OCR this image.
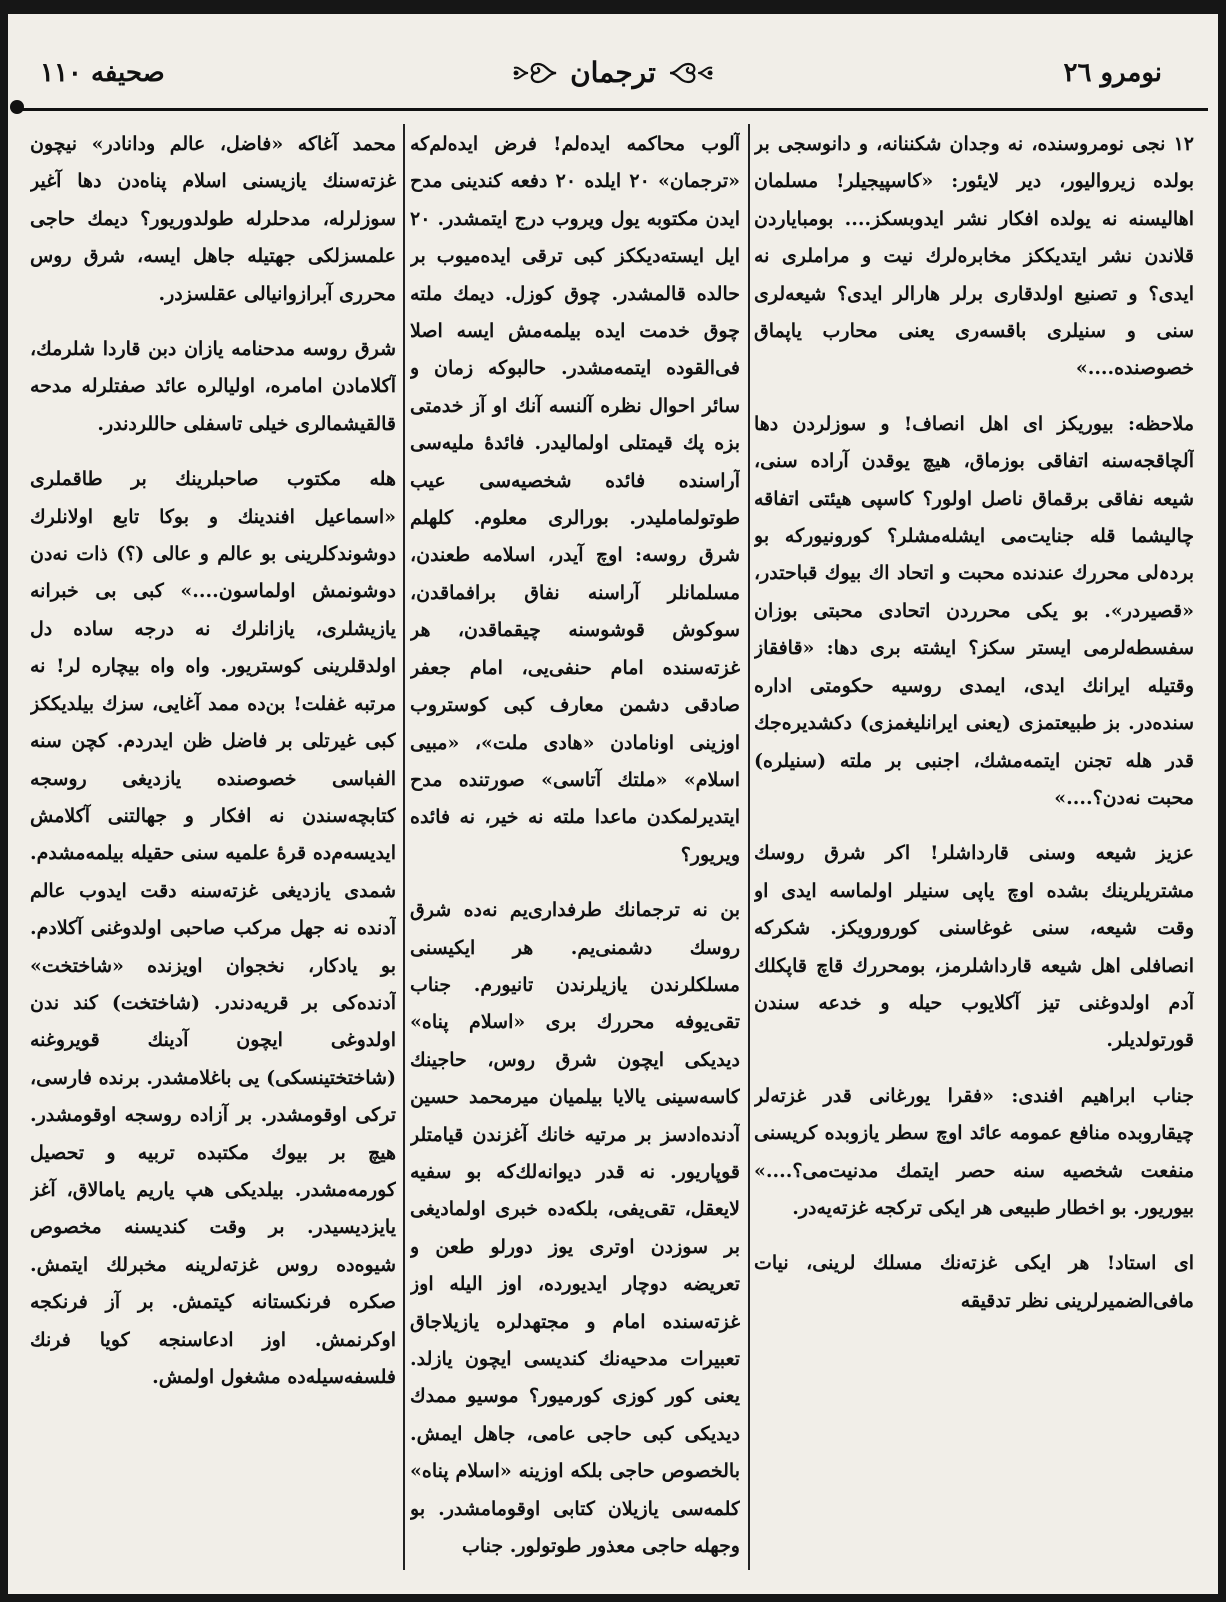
نومرو ٢٦
ترجمان
صحیفه ١١٠

١٢ نجی نومروسنده، نه وجدان شکننانه، و دانوسجی بر بولده زیروالیور، دیر لایئور: «کاسپیجیلر! مسلمان اهالیسنه نه یولده افکار نشر ایدوبسکز.... بومبایاردن قلاندن نشر ایتدیککز مخابره‌لرك نیت و مراملری نه ایدی؟ و تصنیع اولدقاری برلر هارالر ایدی؟ شیعه‌لری سنی و سنیلری باقسه‌ری یعنی محارب یاپماق خصوصنده....»

ملاحظه: بیوریکز ای اهل انصاف! و سوزلردن دها آلچاقجه‌سنه اتفاقی بوزماق، هیچ یوقدن آراده سنی، شیعه نفاقی برقماق ناصل اولور؟ کاسپی هیئتی اتفاقه چالیشما قله جنایت‌می ایشله‌مشلر؟ کورونیورکه بو بردہ‌لی محررك عندنده محبت و اتحاد اك بیوك قباحتدر، «قصیردر». بو یکی محرردن اتحادی محبتی بوزان سفسطه‌لرمی ایستر سکز؟ ایشته بری دها: «قافقاز وقتیله ایرانك ایدی، ایمدی روسیه حکومتی اداره سنده‌در. بز طبیعتمزی (یعنی ایرانلیغمزی) دکشدیره‌جك قدر هله تجنن ایتمه‌مشك، اجنبی بر ملته (سنیلره) محبت نه‌دن؟....»

عزیز شیعه وسنی قارداشلر! اکر شرق روسك مشتریلرینك بشده اوچ یاپی سنیلر اولماسه ایدی او وقت شیعه، سنی غوغاسنی کورورویکز. شکرکه انصافلی اهل شیعه قارداشلرمز، بومحررك قاچ قاپکلك آدم اولدوغنی تیز آکلایوب حیله و خدعه سندن قورتولدیلر.

جناب ابراهیم افندی: «فقرا یورغانی قدر غزته‌لر چیقاروبده منافع عمومه عائد اوچ سطر یازوبده کریسنی منفعت شخصیه سنه حصر ایتمك مدنیت‌می؟....» بیوریور. بو اخطار طبیعی هر ایکی ترکجه غزته‌یه‌در.

ای استاد! هر ایکی غزته‌نك مسلك لرینی، نیات مافی‌الضمیرلرینی نظر تدقیقه

آلوب محاکمه ایده‌لم! فرض ایده‌لم‌که «ترجمان» ٢٠ ایلده ٢٠ دفعه کندینی مدح ایدن مکتوبه یول ویروب درج ایتمشدر. ٢٠ ایل ایسته‌دیککز کبی ترقی ایده‌میوب بر حالده قالمشدر. چوق کوزل. دیمك ملته چوق خدمت ایده بیلمه‌مش ایسه اصلا فی‌القوده ایتمه‌مشدر. حالبوکه زمان و سائر احوال نظره آلنسه آنك او آز خدمتی بزه پك قیمتلی اولمالیدر. فائدهٔ ملیه‌سی آراسنده فائده شخصیه‌سی عیب طوتولماملیدر. بورالری معلوم. کلهلم شرق روسه: اوچ آیدر، اسلامه طعندن، مسلمانلر آراسنه نفاق برافماقدن، سوکوش قوشوسنه چیقماقدن، هر غزته‌سنده امام حنفی‌یی، امام جعفر صادقی دشمن معارف کبی کوستروب اوزینی اونامادن «هادی ملت»، «مبیی اسلام» «ملتك آتاسی» صورتنده مدح ایتدیرلمکدن ماعدا ملته نه خیر، نه فائده ویریور؟

بن نه ترجمانك طرفداری‌یم نه‌ده شرق روسك دشمنی‌یم. هر ایکیسنی مسلکلرندن یازیلرندن تانیورم. جناب تقی‌یوفه محررك بری «اسلام پناه» دیدیکی ایچون شرق روس، حاجینك کاسه‌سینی یالایا بیلمیان میرمحمد حسین آدنده‌ادسز بر مرتیه خانك آغزندن قیامتلر قوپاریور. نه قدر دیوانه‌لك‌که بو سفیه لایعقل، تقی‌یفی، بلکه‌ده خبری اولمادیغی بر سوزدن اوتری یوز دورلو طعن و تعریضه دوچار ایدیورده، اوز الیله اوز غزته‌سنده امام و مجتهدلره یازیلاجاق تعبیرات مدحیه‌نك کندیسی ایچون یازلد. یعنی کور کوزی کورمیور؟ موسیو ممدك دیدیکی کبی حاجی عامی، جاهل ایمش. بالخصوص حاجی بلکه اوزینه «اسلام پناه» کلمه‌سی یازیلان کتابی اوقومامشدر. بو وجهله حاجی معذور طوتولور. جناب

محمد آغاکه «فاضل، عالم ودانادر» نیچون غزته‌سنك یازیسنی اسلام پناه‌دن دها آغیر سوزلرله، مدحلرله طولدوریور؟ دیمك حاجی علمسزلکی جهتیله جاهل ایسه، شرق روس محرری آبرازوانیالی عقلسزدر.

شرق روسه مدحنامه یازان دبن قاردا شلرمك، آکلامادن امامره، اولیالره عائد صفتلرله مدحه قالقیشمالری خیلی تاسفلی حاللردندر.

هله مکتوب صاحبلرینك بر طاقملری «اسماعیل افندینك و بوکا تابع اولانلرك دوشوندکلرینی بو عالم و عالی (؟) ذات نه‌دن دوشونمش اولماسون....» کبی بی خبرانه یازیشلری، یازانلرك نه درجه ساده دل اولدقلرینی کوستریور. واه واه بیچاره لر! نه مرتبه غفلت! بن‌ده ممد آغایی، سزك بیلدیککز کبی غیرتلی بر فاضل ظن ایدردم. کچن سنه الفباسی خصوصنده یازدیغی روسجه کتابچه‌سندن نه افکار و جهالتنی آکلامش ایدیسه‌م‌ده قرهٔ علمیه سنی حقیله بیلمه‌مشدم. شمدی یازدیغی غزته‌سنه دقت ایدوب عالم آدنده نه جهل مرکب صاحبی اولدوغنی آکلادم. بو یادکار، نخجوان اویزنده «شاختخت» آدنده‌کی بر قریه‌دندر. (شاختخت) کند ندن اولدوغی ایچون آدینك قویروغنه (شاختختینسکی) یی باغلامشدر. برنده فارسی، ترکی اوقومشدر. بر آزاده روسجه اوقومشدر. هیچ بر بیوك مکتبده تربیه و تحصیل کورمه‌مشدر. بیلدیکی هپ یاریم یامالاق، آغز یایزدیسیدر. بر وقت کندیسنه مخصوص شیوه‌ده روس غزته‌لرینه مخبرلك ایتمش. صکره فرنکستانه کیتمش. بر آز فرنکجه اوکرنمش. اوز ادعاسنجه کویا فرنك فلسفه‌سیله‌ده مشغول اولمش.
